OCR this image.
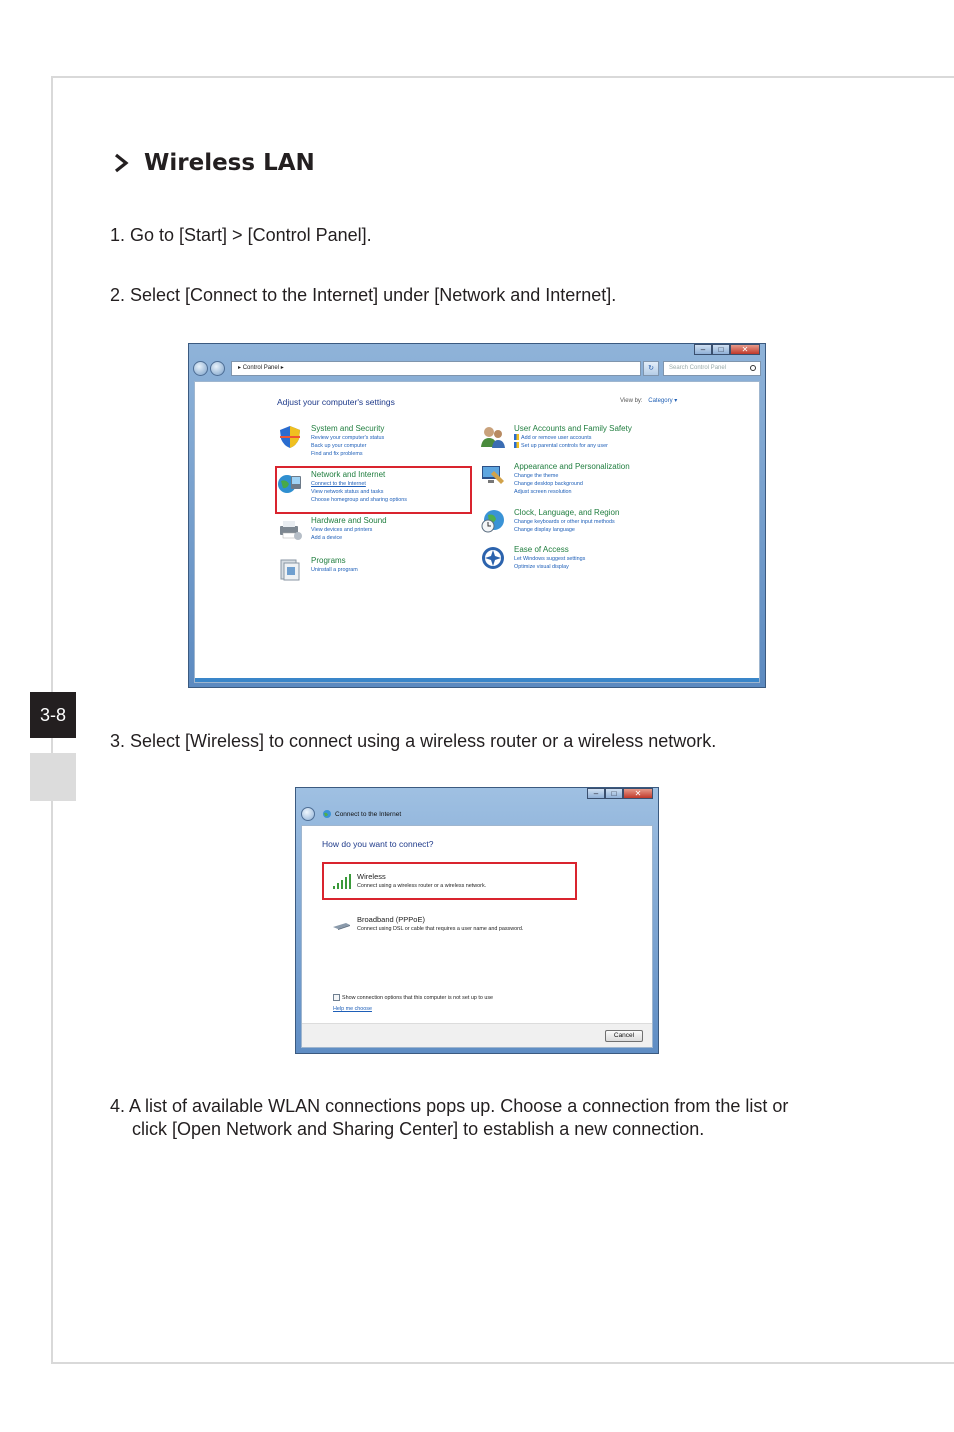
3-8
Wireless LAN

1. Go to [Start] > [Control Panel].

2. Select [Connect to the Internet] under [Network and Internet].

–	□	✕
▸ Control Panel ▸	↻	Search Control Panel
Adjust your computer's settings	View by: Category ▾
System and Security
Review your computer's status
Back up your computer
Find and fix problems
Network and Internet
Connect to the Internet
View network status and tasks
Choose homegroup and sharing options
Hardware and Sound
View devices and printers
Add a device
Programs
Uninstall a program
User Accounts and Family Safety
Add or remove user accounts
Set up parental controls for any user
Appearance and Personalization
Change the theme
Change desktop background
Adjust screen resolution
Clock, Language, and Region
Change keyboards or other input methods
Change display language
Ease of Access
Let Windows suggest settings
Optimize visual display

3. Select [Wireless] to connect using a wireless router or a wireless network.

–	□	✕
Connect to the Internet
How do you want to connect?
Wireless
Connect using a wireless router or a wireless network.
Broadband (PPPoE)
Connect using DSL or cable that requires a user name and password.
Show connection options that this computer is not set up to use
Help me choose
Cancel

4. A list of available WLAN connections pops up. Choose a connection from the list or
click [Open Network and Sharing Center] to establish a new connection.
